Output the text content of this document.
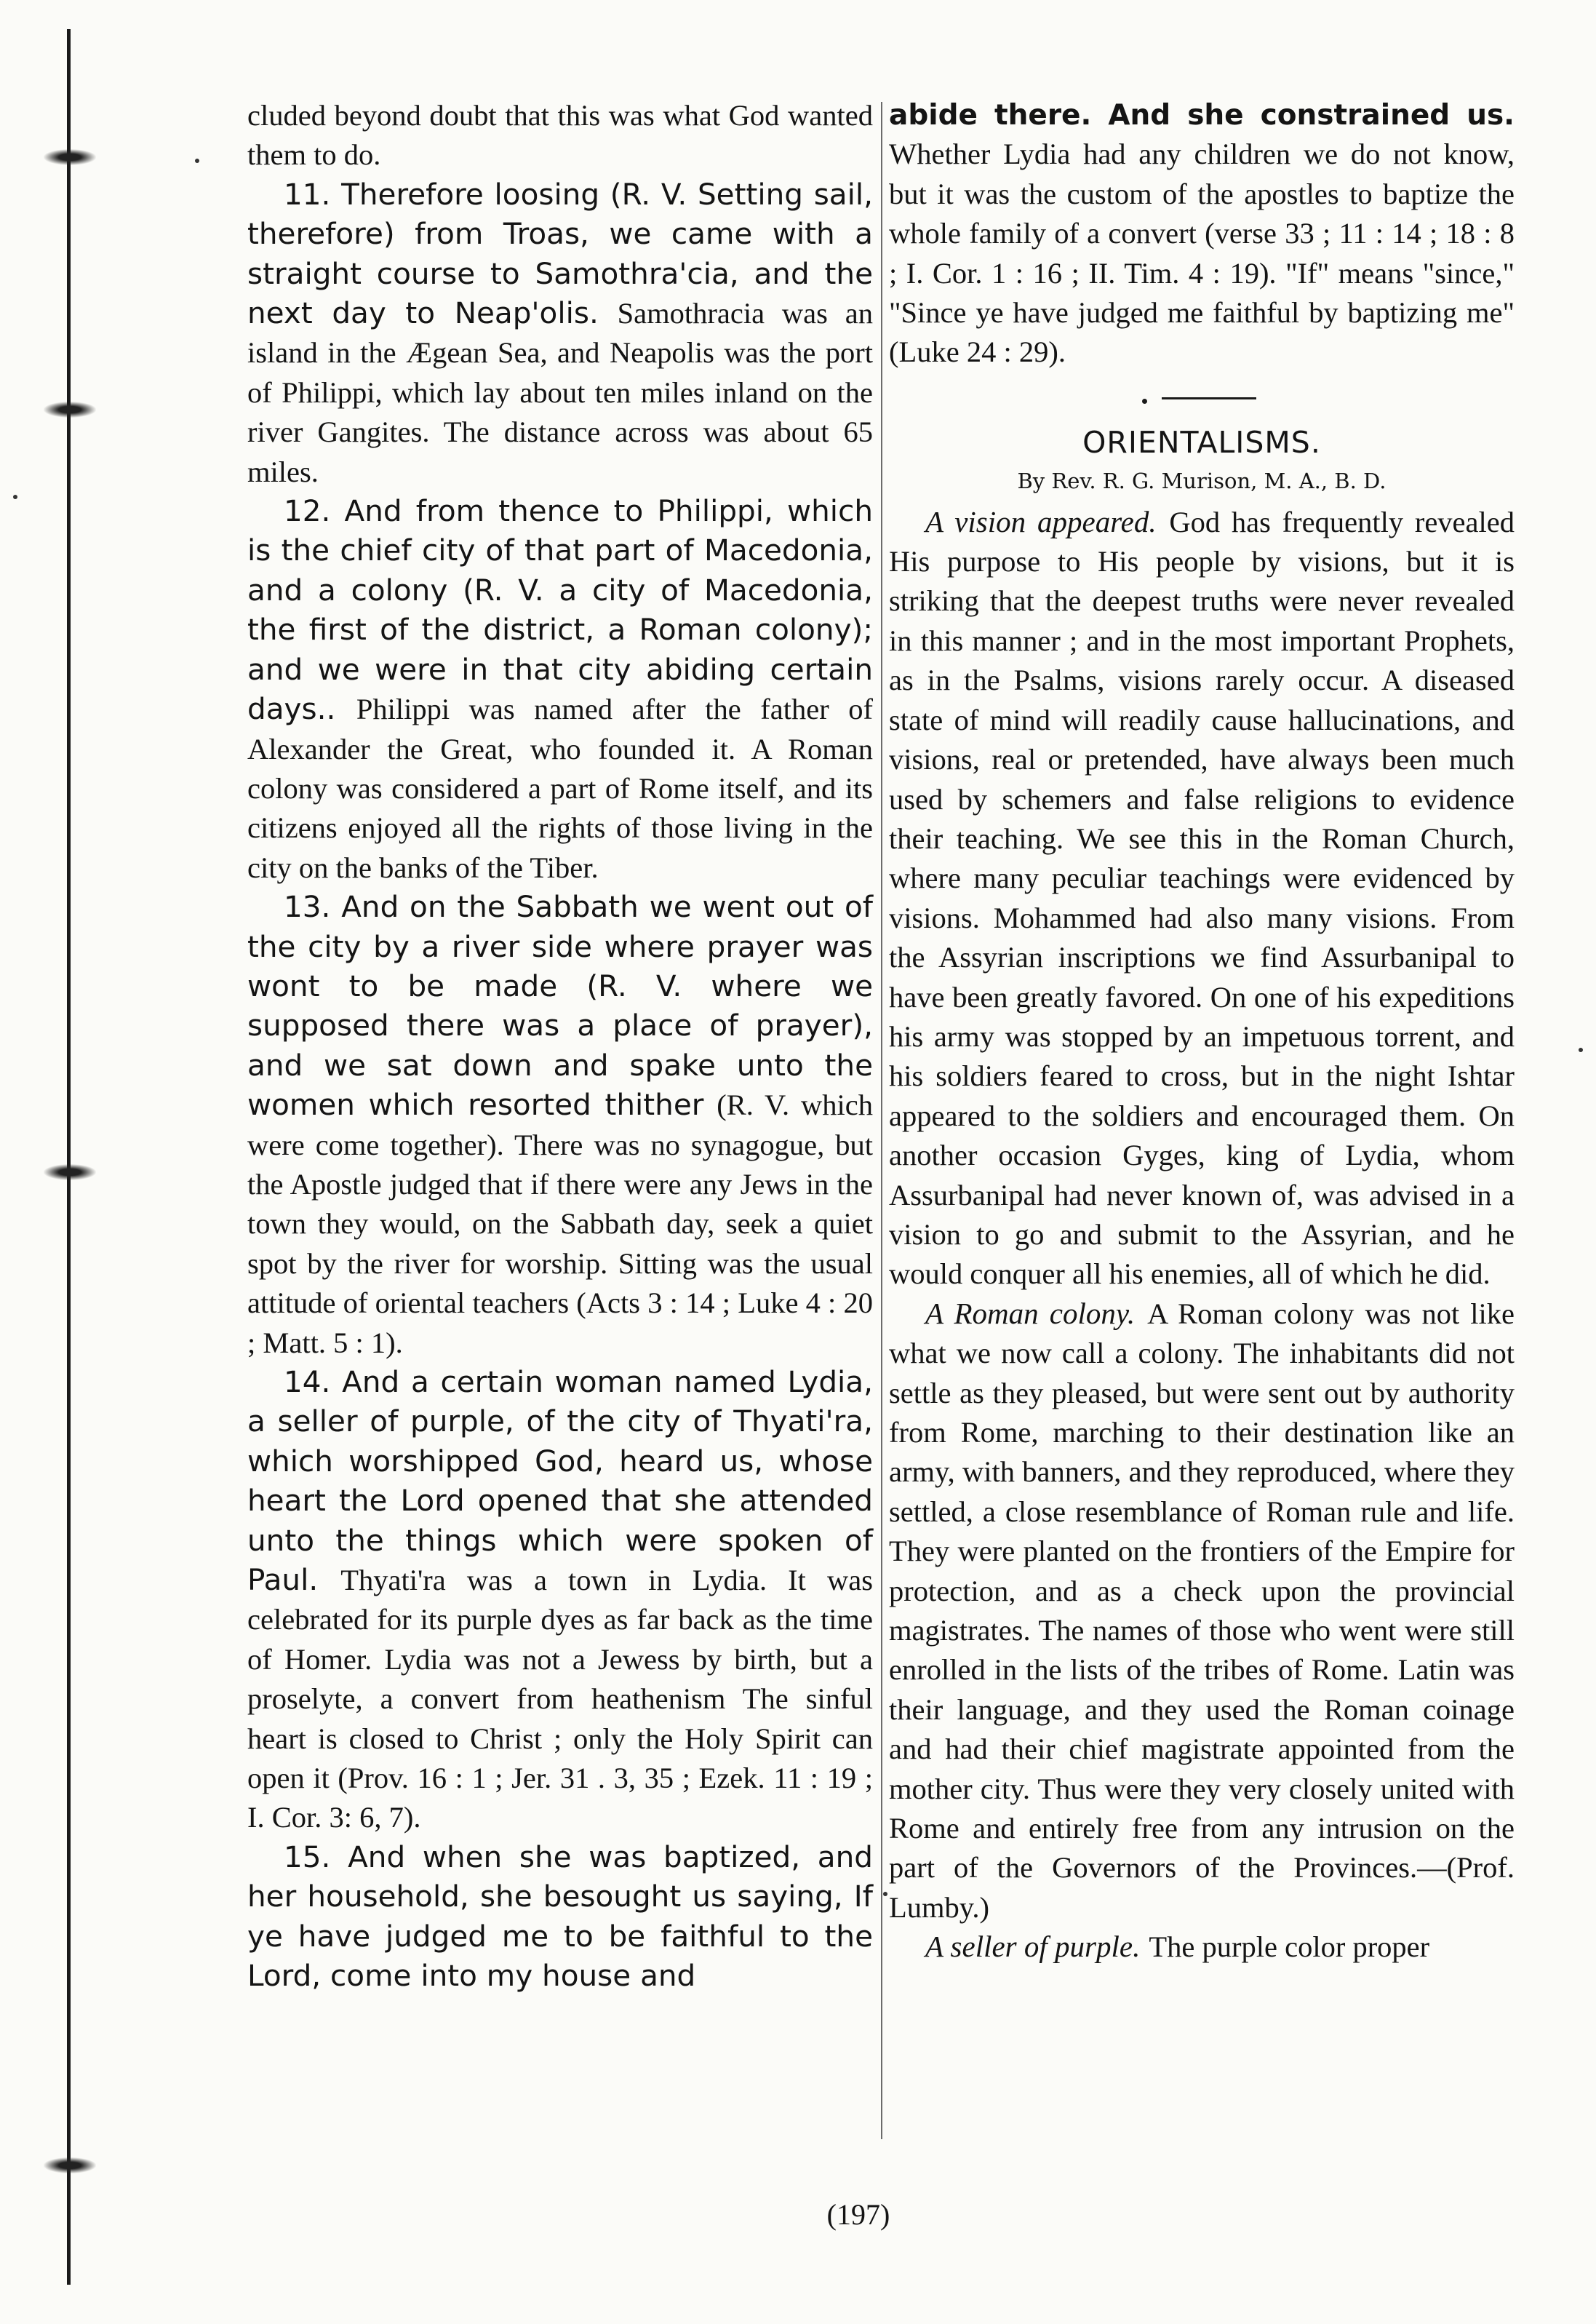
cluded beyond doubt that this was what God wanted them to do.

11. Therefore loosing (R. V. Setting sail, therefore) from Troas, we came with a straight course to Samothra'cia, and the next day to Neap'olis. Samothracia was an island in the Ægean Sea, and Neapolis was the port of Philippi, which lay about ten miles inland on the river Gangites. The distance across was about 65 miles.

12. And from thence to Philippi, which is the chief city of that part of Macedonia, and a colony (R. V. a city of Macedonia, the first of the district, a Roman colony); and we were in that city abiding certain days.. Philippi was named after the father of Alexander the Great, who founded it. A Roman colony was considered a part of Rome itself, and its citizens enjoyed all the rights of those living in the city on the banks of the Tiber.

13. And on the Sabbath we went out of the city by a river side where prayer was wont to be made (R. V. where we supposed there was a place of prayer), and we sat down and spake unto the women which resorted thither (R. V. which were come together). There was no synagogue, but the Apostle judged that if there were any Jews in the town they would, on the Sabbath day, seek a quiet spot by the river for worship. Sitting was the usual attitude of oriental teachers (Acts 3 : 14 ; Luke 4 : 20 ; Matt. 5 : 1).

14. And a certain woman named Lydia, a seller of purple, of the city of Thyati'ra, which worshipped God, heard us, whose heart the Lord opened that she attended unto the things which were spoken of Paul. Thyati'ra was a town in Lydia. It was celebrated for its purple dyes as far back as the time of Homer. Lydia was not a Jewess by birth, but a proselyte, a convert from heathenism The sinful heart is closed to Christ ; only the Holy Spirit can open it (Prov. 16 : 1 ; Jer. 31 . 3, 35 ; Ezek. 11 : 19 ; I. Cor. 3: 6, 7).

15. And when she was baptized, and her household, she besought us saying, If ye have judged me to be faithful to the Lord, come into my house and

abide there. And she constrained us. Whether Lydia had any children we do not know, but it was the custom of the apostles to baptize the whole family of a convert (verse 33 ; 11 : 14 ; 18 : 8 ; I. Cor. 1 : 16 ; II. Tim. 4 : 19). "If" means "since," "Since ye have judged me faithful by baptizing me" (Luke 24 : 29).

ORIENTALISMS.

By Rev. R. G. Murison, M. A., B. D.

A vision appeared. God has frequently revealed His purpose to His people by visions, but it is striking that the deepest truths were never revealed in this manner ; and in the most important Prophets, as in the Psalms, visions rarely occur. A diseased state of mind will readily cause hallucinations, and visions, real or pretended, have always been much used by schemers and false religions to evidence their teaching. We see this in the Roman Church, where many peculiar teachings were evidenced by visions. Mohammed had also many visions. From the Assyrian inscriptions we find Assurbanipal to have been greatly favored. On one of his expeditions his army was stopped by an impetuous torrent, and his soldiers feared to cross, but in the night Ishtar appeared to the soldiers and encouraged them. On another occasion Gyges, king of Lydia, whom Assurbanipal had never known of, was advised in a vision to go and submit to the Assyrian, and he would conquer all his enemies, all of which he did.

A Roman colony. A Roman colony was not like what we now call a colony. The inhabitants did not settle as they pleased, but were sent out by authority from Rome, marching to their destination like an army, with banners, and they reproduced, where they settled, a close resemblance of Roman rule and life. They were planted on the frontiers of the Empire for protection, and as a check upon the provincial magistrates. The names of those who went were still enrolled in the lists of the tribes of Rome. Latin was their language, and they used the Roman coinage and had their chief magistrate appointed from the mother city. Thus were they very closely united with Rome and entirely free from any intrusion on the part of the Governors of the Provinces.—(Prof. Lumby.)

A seller of purple. The purple color proper

(197)
